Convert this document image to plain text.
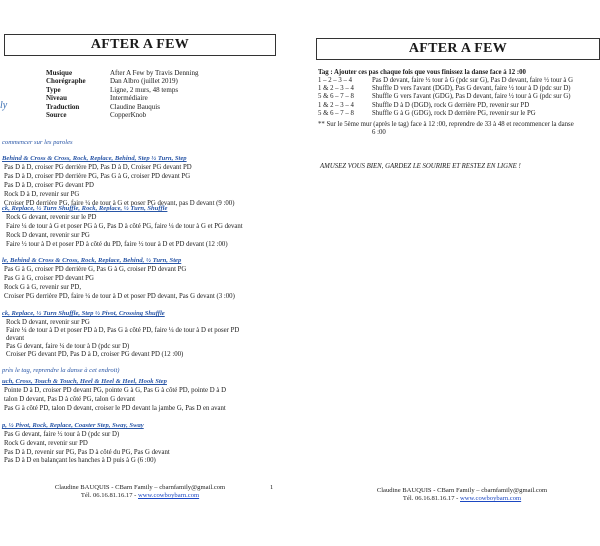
AFTER A FEW
ly
Musique	After A Few by Travis Denning
Chorégraphe	Dan Albro (juillet 2019)
Type	Ligne, 2 murs, 48 temps
Niveau	Intermédiaire
Traduction	Claudine Bauquis
Source	CopperKnob
commencer sur les paroles
Behind & Cross & Cross, Rock, Replace, Behind, Step ½ Turn, Step
Pas D à D, croiser PG derrière PD, Pas D à D, Croiser PG devant PD
Pas D à D, croiser PD derrière PG, Pas G à G, croiser PD devant PG
Pas D à D, croiser PG devant PD
Rock D à D, revenir sur PG
Croiser PD derrière PG, faire ¼ de tour à G et poser PG devant, pas D devant (9 :00)
ck, Replace, ½ Turn Shuffle, Rock, Replace, ½ Turn, Shuffle
Rock G devant, revenir sur le PD
Faire ¼ de tour à G et poser PG à G, Pas D à côté PG, faire ¼ de tour à G et PG devant
Rock D devant, revenir sur PG
Faire ½ tour à D et poser PD à côté du PD, faire ½ tour à D et PD devant (12 :00)
le, Behind & Cross & Cross, Rock, Replace, Behind, ½ Turn, Step
Pas G à G, croiser PD derrière G, Pas G à G, croiser PD devant PG
Pas G à G, croiser PD devant PG
Rock G à G, revenir sur PD,
Croiser PG derrière PD, faire ¼ de tour à D et poser PD devant, Pas G devant (3 :00)
ck, Replace, ½ Turn Shuffle, Step ½ Pivot, Crossing Shuffle
Rock D devant, revenir sur PG
Faire ¼ de tour à D et poser PD à D, Pas G à côté PD, faire ¼ de tour à D et poser PD
devant
Pas G devant, faire ¼ de tour à D (pdc sur D)
Croiser PG devant PD, Pas D à D, croiser PG devant PD (12 :00)
près le tag, reprendre la danse à cet endroit)
uch, Cross, Touch & Touch, Heel & Heel & Heel, Hook Step
Pointe D à D, croiser PD devant PG, pointe G à G, Pas G à côté PD, pointe D à D
talon D devant, Pas D à côté PG, talon G devant
Pas G à côté PD, talon D devant, croiser le PD devant la jambe G, Pas D en avant
p, ½ Pivot, Rock, Replace, Coaster Step, Sway, Sway
Pas G devant, faire ½ tour à D (pdc sur D)
Rock G devant, revenir sur PD
Pas D à D, revenir sur PG, Pas D à côté du PG, Pas G devant
Pas D à D en balançant les hanches à D puis à G (6 :00)
Claudine BAUQUIS - CBarn Family – cbarnfamily@gmail.com
Tél. 06.16.81.16.17 - www.cowboybarn.com
1
AFTER A FEW
Tag : Ajouter ces pas chaque fois que vous finissez la danse face à 12 :00
1 – 2 – 3 – 4	Pas D devant, faire ½ tour à G (pdc sur G), Pas D devant, faire ½ tour à G
1 & 2 – 3 – 4	Shuffle D vers l'avant (DGD), Pas G devant, faire ½ tour à D (pdc sur D)
5 & 6 – 7 – 8	Shuffle G vers l'avant (GDG), Pas D devant, faire ½ tour à G (pdc sur G)
1 & 2 – 3 – 4	Shuffle D à D (DGD), rock G derrière PD, revenir sur PD
5 & 6 – 7 – 8	Shuffle G à G (GDG), rock D derrière PG, revenir sur le PG
** Sur le 5ème mur (après le tag) face à 12 :00, reprendre de 33 à 48 et recommencer la danse
6 :00
AMUSEZ VOUS BIEN, GARDEZ LE SOURIRE ET RESTEZ EN LIGNE !
Claudine BAUQUIS - CBarn Family – cbarnfamily@gmail.com
Tél. 06.16.81.16.17 - www.cowboybarn.com
